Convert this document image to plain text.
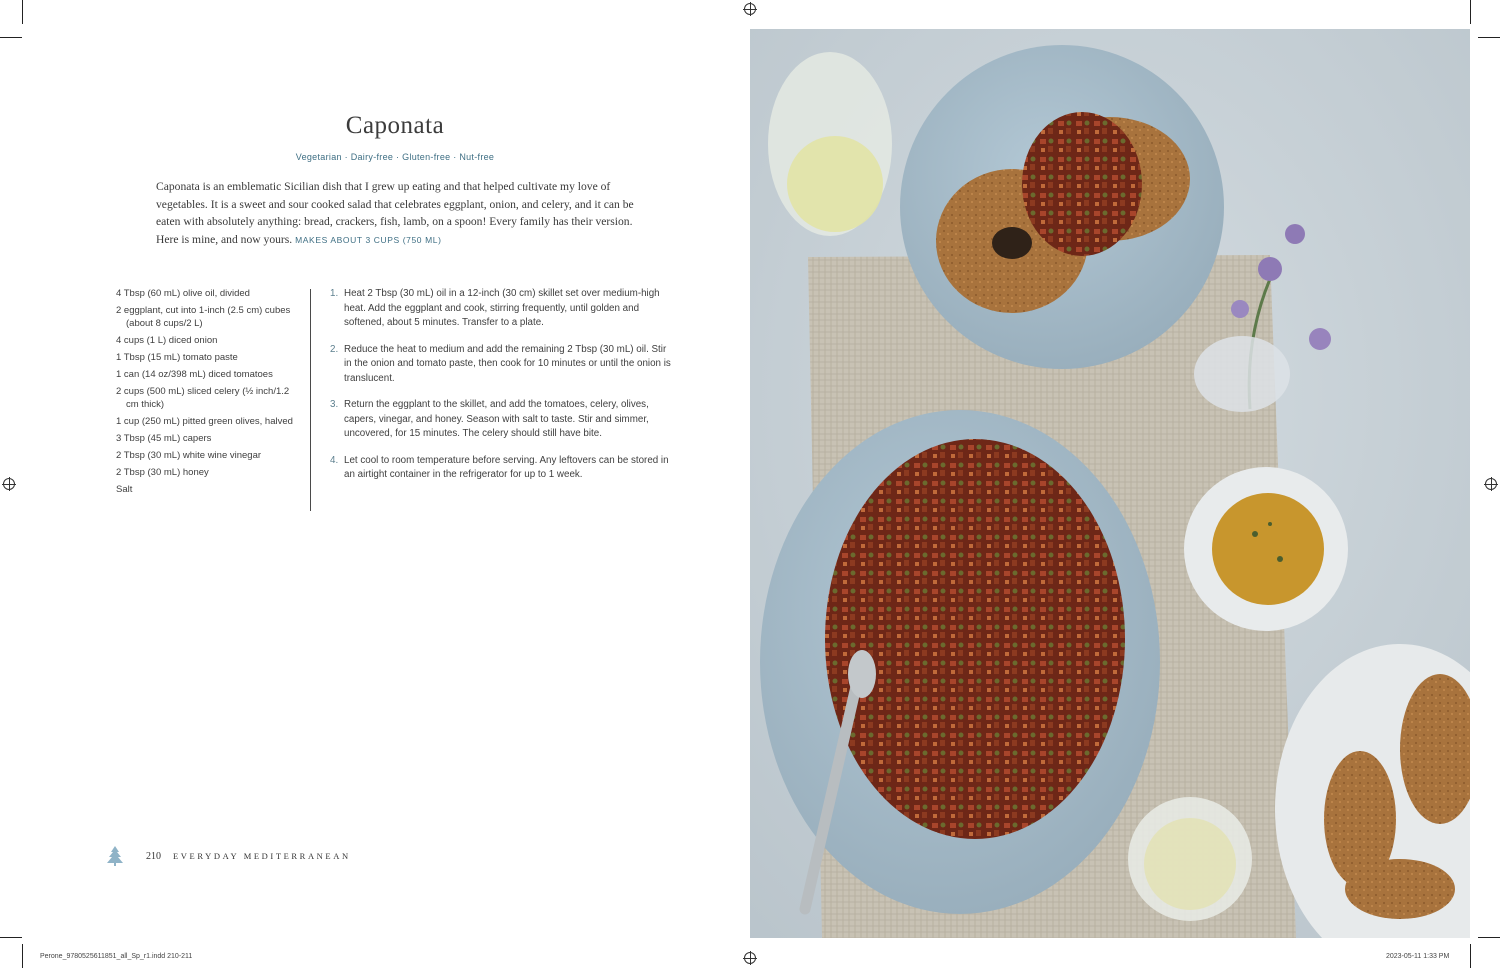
Caponata
Vegetarian · Dairy-free · Gluten-free · Nut-free

Caponata is an emblematic Sicilian dish that I grew up eating and that helped cultivate my love of vegetables. It is a sweet and sour cooked salad that celebrates eggplant, onion, and celery, and it can be eaten with absolutely anything: bread, crackers, fish, lamb, on a spoon! Every family has their version. Here is mine, and now yours. MAKES ABOUT 3 CUPS (750 ML)

4 Tbsp (60 mL) olive oil, divided
2 eggplant, cut into 1-inch (2.5 cm) cubes (about 8 cups/2 L)
4 cups (1 L) diced onion
1 Tbsp (15 mL) tomato paste
1 can (14 oz/398 mL) diced tomatoes
2 cups (500 mL) sliced celery (½ inch/1.2 cm thick)
1 cup (250 mL) pitted green olives, halved
3 Tbsp (45 mL) capers
2 Tbsp (30 mL) white wine vinegar
2 Tbsp (30 mL) honey
Salt
1. Heat 2 Tbsp (30 mL) oil in a 12-inch (30 cm) skillet set over medium-high heat. Add the eggplant and cook, stirring frequently, until golden and softened, about 5 minutes. Transfer to a plate.
2. Reduce the heat to medium and add the remaining 2 Tbsp (30 mL) oil. Stir in the onion and tomato paste, then cook for 10 minutes or until the onion is translucent.
3. Return the eggplant to the skillet, and add the tomatoes, celery, olives, capers, vinegar, and honey. Season with salt to taste. Stir and simmer, uncovered, for 15 minutes. The celery should still have bite.
4. Let cool to room temperature before serving. Any leftovers can be stored in an airtight container in the refrigerator for up to 1 week.
210 EVERYDAY MEDITERRANEAN
Perone_9780525611851_all_Sp_r1.indd 210-211	2023-05-11 1:33 PM
